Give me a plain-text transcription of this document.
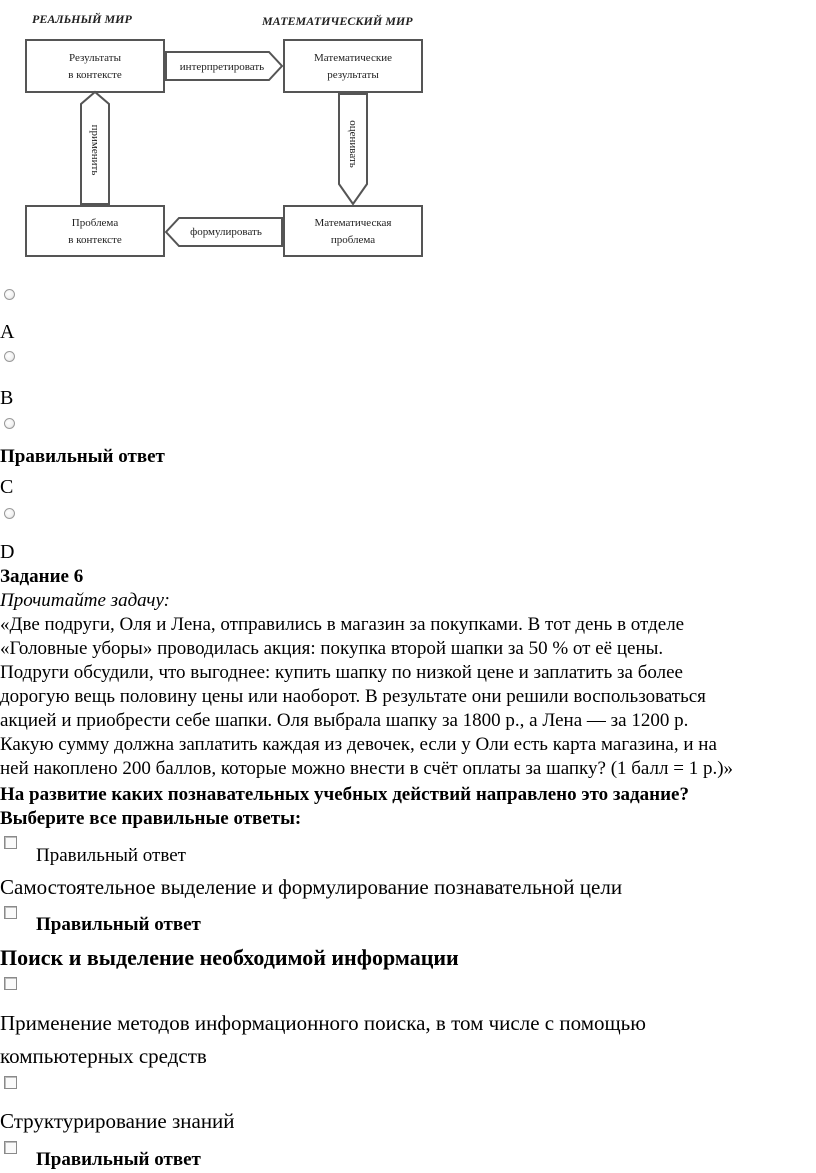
РЕАЛЬНЫЙ МИР	МАТЕМАТИЧЕСКИЙ МИР
Результаты
в контексте
Математические
результаты
Проблема
в контексте
Математическая
проблема
интерпретировать
формулировать
применить	оценивать
A
B
Правильный ответ
C
D
Задание 6
Прочитайте задачу:
«Две подруги, Оля и Лена, отправились в магазин за покупками. В тот день в отделе
«Головные уборы» проводилась акция: покупка второй шапки за 50 % от её цены.
Подруги обсудили, что выгоднее: купить шапку по низкой цене и заплатить за более
дорогую вещь половину цены или наоборот. В результате они решили воспользоваться
акцией и приобрести себе шапки. Оля выбрала шапку за 1800 р., а Лена — за 1200 р.
Какую сумму должна заплатить каждая из девочек, если у Оли есть карта магазина, и на
ней накоплено 200 баллов, которые можно внести в счёт оплаты за шапку? (1 балл = 1 р.)»
На развитие каких познавательных учебных действий направлено это задание?
Выберите все правильные ответы:
Правильный ответ
Самостоятельное выделение и формулирование познавательной цели
Правильный ответ
Поиск и выделение необходимой информации
Применение методов информационного поиска, в том числе с помощью
компьютерных средств
Структурирование знаний
Правильный ответ
